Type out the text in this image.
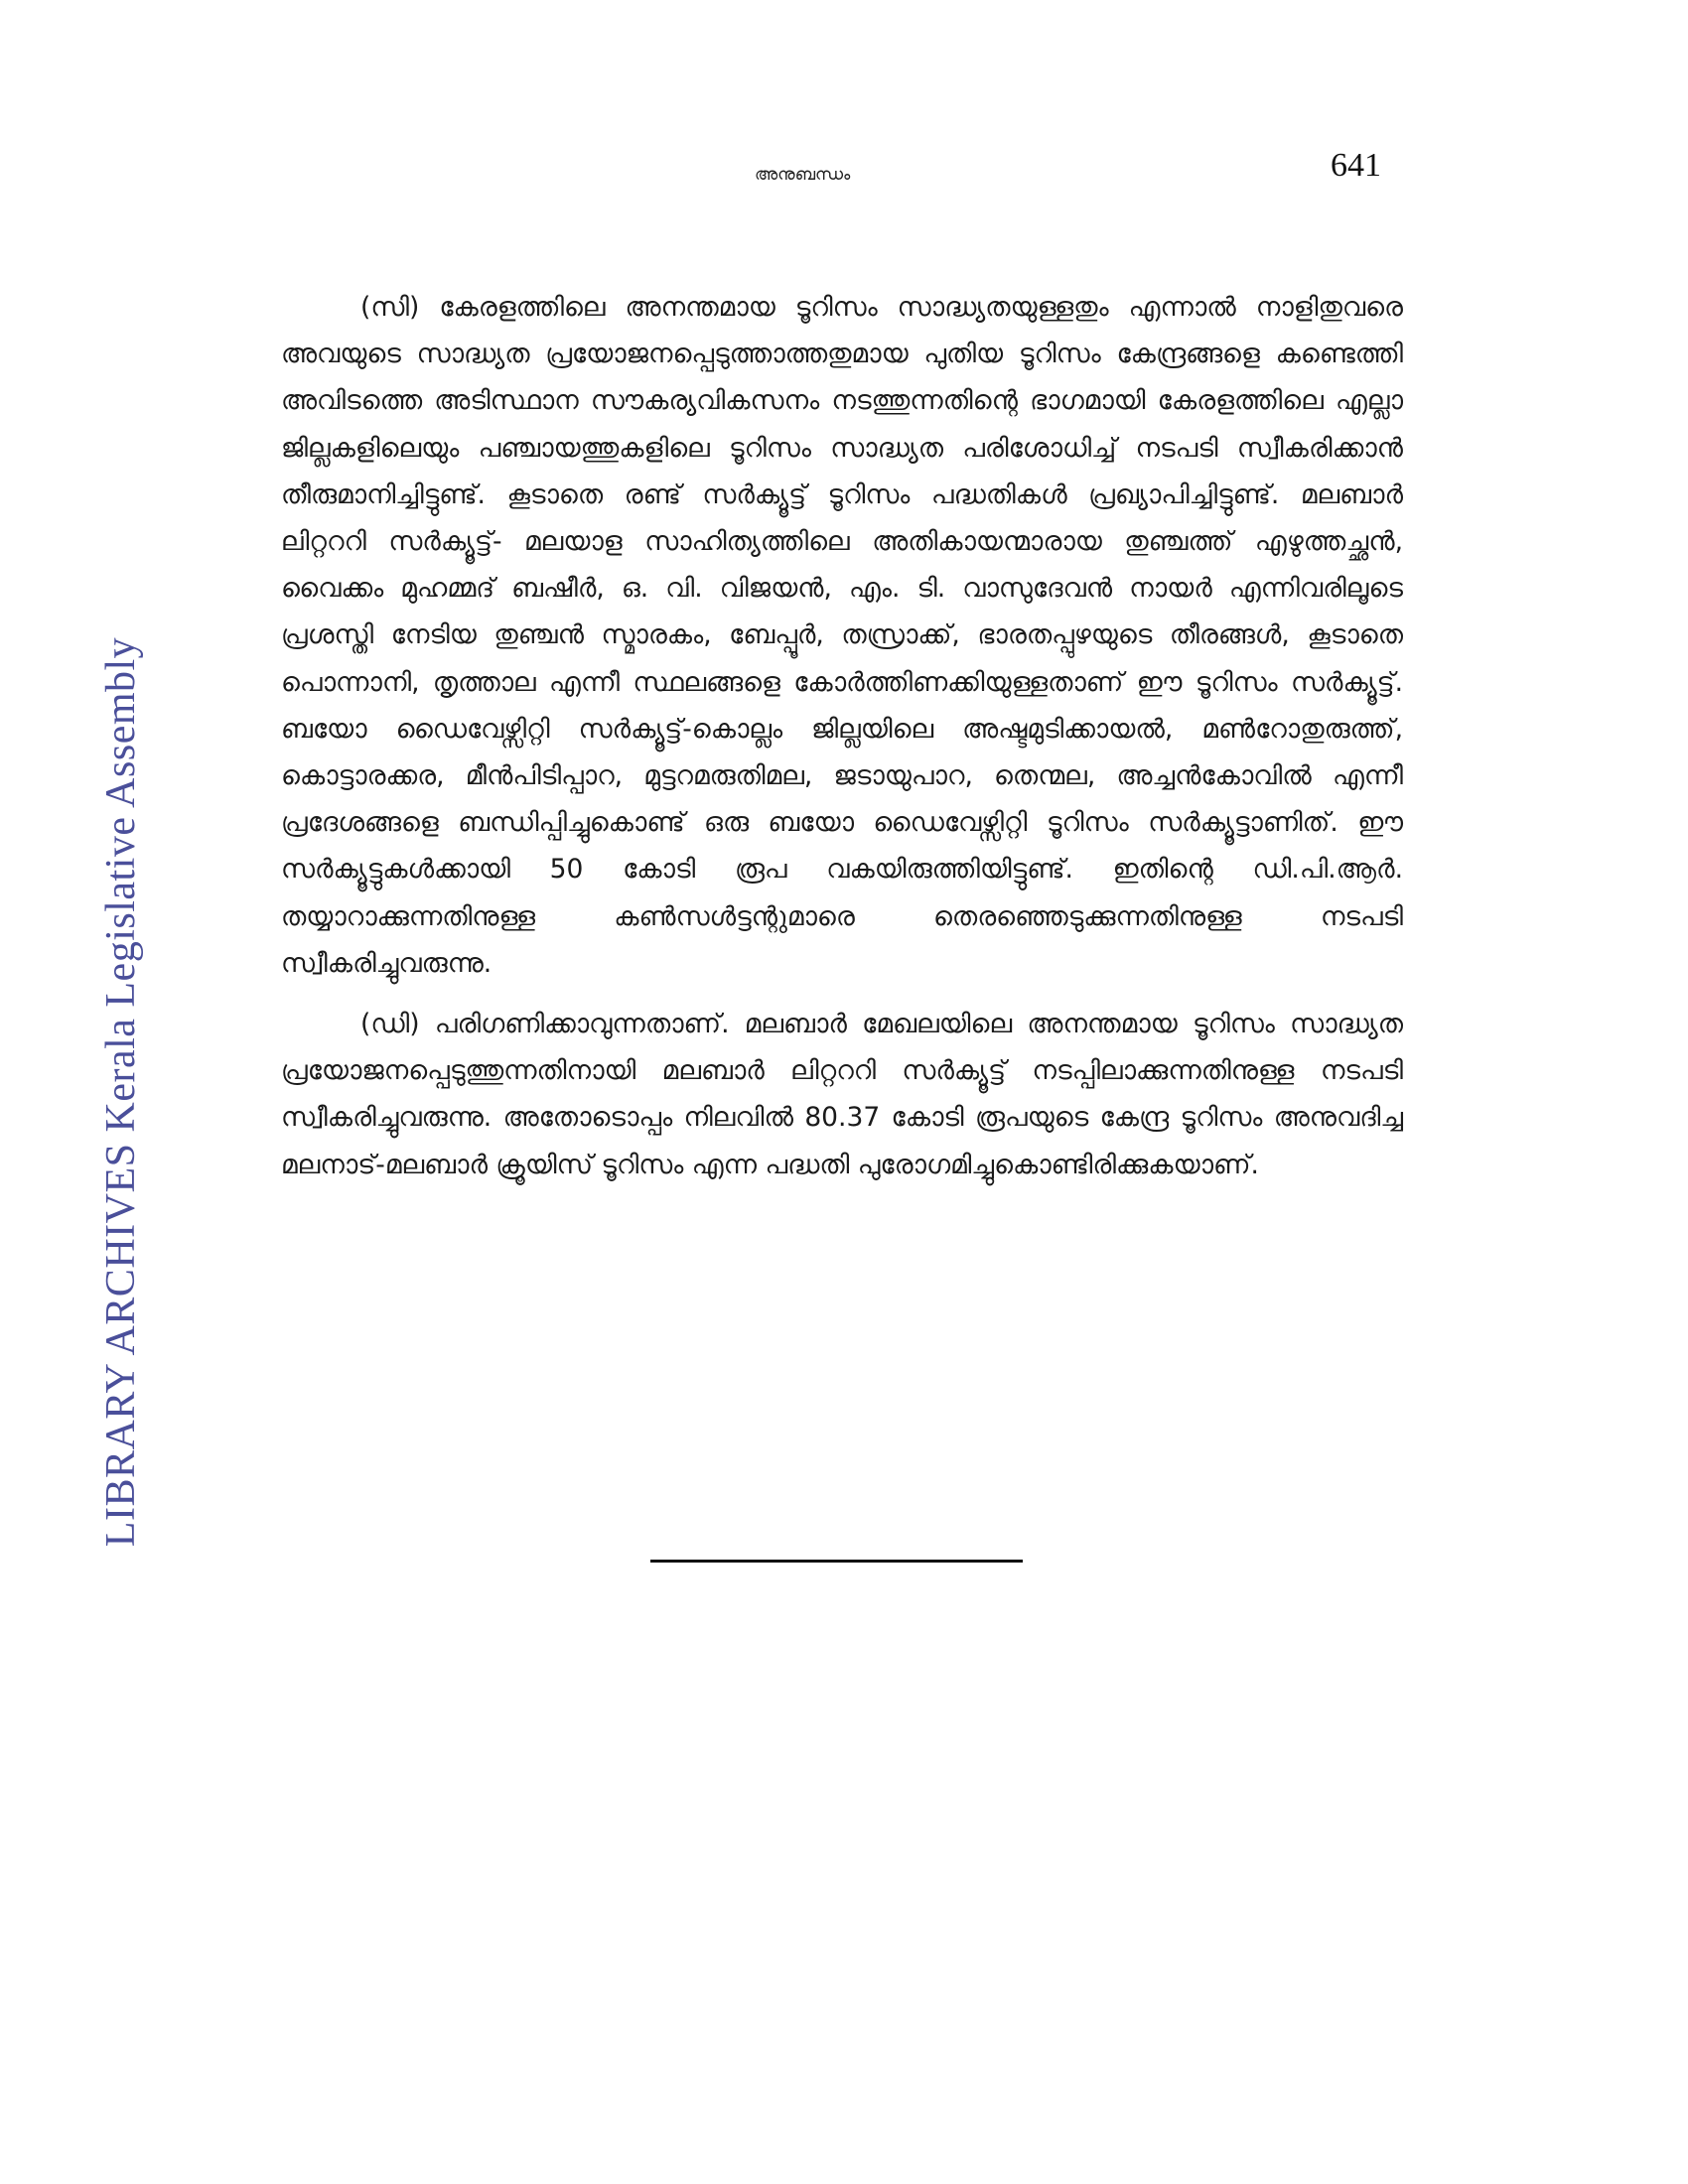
LIBRARY ARCHIVES Kerala Legislative Assembly
അനുബന്ധം	641

(സി) കേരളത്തിലെ അനന്തമായ ടൂറിസം സാദ്ധ്യതയുള്ളതും എന്നാൽ നാളിതുവരെ അവയുടെ സാദ്ധ്യത പ്രയോജനപ്പെടുത്താത്തതുമായ പുതിയ ടൂറിസം കേന്ദ്രങ്ങളെ കണ്ടെത്തി അവിടത്തെ അടിസ്ഥാന സൗകര്യവികസനം നടത്തുന്നതിന്റെ ഭാഗമായി കേരളത്തിലെ എല്ലാ ജില്ലകളിലെയും പഞ്ചായത്തുകളിലെ ടൂറിസം സാദ്ധ്യത പരിശോധിച്ച് നടപടി സ്വീകരിക്കാൻ തീരുമാനിച്ചിട്ടുണ്ട്. കൂടാതെ രണ്ട് സർക്യൂട്ട് ടൂറിസം പദ്ധതികൾ പ്രഖ്യാപിച്ചിട്ടുണ്ട്. മലബാർ ലിറ്റററി സർക്യൂട്ട്- മലയാള സാഹിത്യത്തിലെ അതികായന്മാരായ തുഞ്ചത്ത് എഴുത്തച്ഛൻ, വൈക്കം മുഹമ്മദ് ബഷീർ, ഒ. വി. വിജയൻ, എം. ടി. വാസുദേവൻ നായർ എന്നിവരിലൂടെ പ്രശസ്തി നേടിയ തുഞ്ചൻ സ്മാരകം, ബേപ്പൂർ, തസ്രാക്ക്, ഭാരതപ്പുഴയുടെ തീരങ്ങൾ, കൂടാതെ പൊന്നാനി, തൃത്താല എന്നീ സ്ഥലങ്ങളെ കോർത്തിണക്കിയുള്ളതാണ് ഈ ടൂറിസം സർക്യൂട്ട്. ബയോ ഡൈവേഴ്സിറ്റി സർക്യൂട്ട്-കൊല്ലം ജില്ലയിലെ അഷ്ടമുടിക്കായൽ, മൺറോതുരുത്ത്, കൊട്ടാരക്കര, മീൻപിടിപ്പാറ, മുട്ടറമരുതിമല, ജടായുപാറ, തെന്മല, അച്ചൻകോവിൽ എന്നീ പ്രദേശങ്ങളെ ബന്ധിപ്പിച്ചുകൊണ്ട് ഒരു ബയോ ഡൈവേഴ്സിറ്റി ടൂറിസം സർക്യൂട്ടാണിത്. ഈ സർക്യൂട്ടുകൾക്കായി 50 കോടി രൂപ വകയിരുത്തിയിട്ടുണ്ട്. ഇതിന്റെ ഡി.പി.ആർ. തയ്യാറാക്കുന്നതിനുള്ള കൺസൾട്ടന്റുമാരെ തെരഞ്ഞെടുക്കുന്നതിനുള്ള നടപടി സ്വീകരിച്ചുവരുന്നു.

(ഡി) പരിഗണിക്കാവുന്നതാണ്. മലബാർ മേഖലയിലെ അനന്തമായ ടൂറിസം സാദ്ധ്യത പ്രയോജനപ്പെടുത്തുന്നതിനായി മലബാർ ലിറ്റററി സർക്യൂട്ട് നടപ്പിലാക്കുന്നതിനുള്ള നടപടി സ്വീകരിച്ചുവരുന്നു. അതോടൊപ്പം നിലവിൽ 80.37 കോടി രൂപയുടെ കേന്ദ്ര ടൂറിസം അനുവദിച്ച മലനാട്-മലബാർ ക്രൂയിസ് ടൂറിസം എന്ന പദ്ധതി പുരോഗമിച്ചുകൊണ്ടിരിക്കുകയാണ്.
